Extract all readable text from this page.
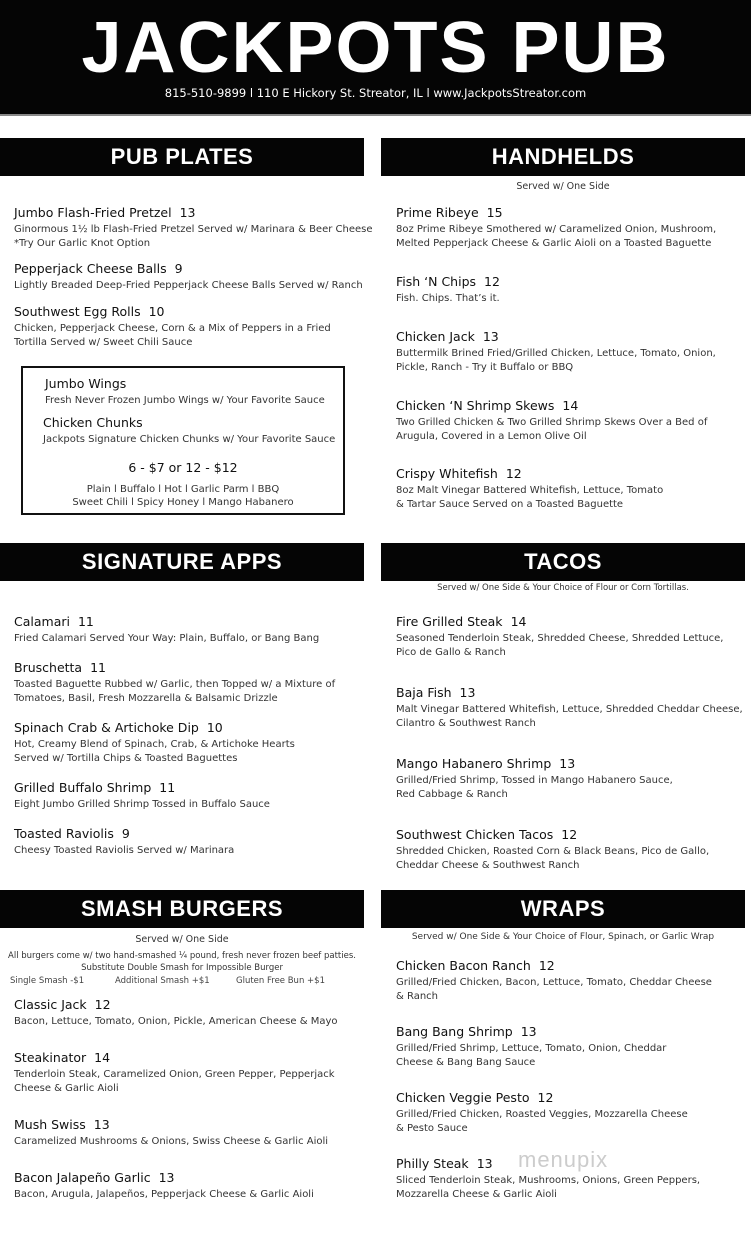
JACKPOTS PUB
815-510-9899 l 110 E Hickory St. Streator, IL l www.JackpotsStreator.com
PUB PLATES
Jumbo Flash-Fried Pretzel 13
Ginormous 1½ lb Flash-Fried Pretzel Served w/ Marinara & Beer Cheese
*Try Our Garlic Knot Option
Pepperjack Cheese Balls 9
Lightly Breaded Deep-Fried Pepperjack Cheese Balls Served w/ Ranch
Southwest Egg Rolls 10
Chicken, Pepperjack Cheese, Corn & a Mix of Peppers in a Fried
Tortilla Served w/ Sweet Chili Sauce
Jumbo Wings
Fresh Never Frozen Jumbo Wings w/ Your Favorite Sauce
Chicken Chunks
Jackpots Signature Chicken Chunks w/ Your Favorite Sauce
6 - $7 or 12 - $12
Plain l Buffalo l Hot l Garlic Parm l BBQ
Sweet Chili l Spicy Honey l Mango Habanero
HANDHELDS
Served w/ One Side
Prime Ribeye 15
8oz Prime Ribeye Smothered w/ Caramelized Onion, Mushroom,
Melted Pepperjack Cheese & Garlic Aioli on a Toasted Baguette
Fish ‘N Chips 12
Fish. Chips. That’s it.
Chicken Jack 13
Buttermilk Brined Fried/Grilled Chicken, Lettuce, Tomato, Onion,
Pickle, Ranch - Try it Buffalo or BBQ
Chicken ‘N Shrimp Skews 14
Two Grilled Chicken & Two Grilled Shrimp Skews Over a Bed of
Arugula, Covered in a Lemon Olive Oil
Crispy Whitefish 12
8oz Malt Vinegar Battered Whitefish, Lettuce, Tomato
& Tartar Sauce Served on a Toasted Baguette
SIGNATURE APPS
Calamari 11
Fried Calamari Served Your Way: Plain, Buffalo, or Bang Bang
Bruschetta 11
Toasted Baguette Rubbed w/ Garlic, then Topped w/ a Mixture of
Tomatoes, Basil, Fresh Mozzarella & Balsamic Drizzle
Spinach Crab & Artichoke Dip 10
Hot, Creamy Blend of Spinach, Crab, & Artichoke Hearts
Served w/ Tortilla Chips & Toasted Baguettes
Grilled Buffalo Shrimp 11
Eight Jumbo Grilled Shrimp Tossed in Buffalo Sauce
Toasted Raviolis 9
Cheesy Toasted Raviolis Served w/ Marinara
TACOS
Served w/ One Side & Your Choice of Flour or Corn Tortillas.
Fire Grilled Steak 14
Seasoned Tenderloin Steak, Shredded Cheese, Shredded Lettuce,
Pico de Gallo & Ranch
Baja Fish 13
Malt Vinegar Battered Whitefish, Lettuce, Shredded Cheddar Cheese,
Cilantro & Southwest Ranch
Mango Habanero Shrimp 13
Grilled/Fried Shrimp, Tossed in Mango Habanero Sauce,
Red Cabbage & Ranch
Southwest Chicken Tacos 12
Shredded Chicken, Roasted Corn & Black Beans, Pico de Gallo,
Cheddar Cheese & Southwest Ranch
SMASH BURGERS
Served w/ One Side
All burgers come w/ two hand-smashed ¼ pound, fresh never frozen beef patties.
Substitute Double Smash for Impossible Burger
Single Smash -$1	Additional Smash +$1	Gluten Free Bun +$1
Classic Jack 12
Bacon, Lettuce, Tomato, Onion, Pickle, American Cheese & Mayo
Steakinator 14
Tenderloin Steak, Caramelized Onion, Green Pepper, Pepperjack
Cheese & Garlic Aioli
Mush Swiss 13
Caramelized Mushrooms & Onions, Swiss Cheese & Garlic Aioli
Bacon Jalapeño Garlic 13
Bacon, Arugula, Jalapeños, Pepperjack Cheese & Garlic Aioli
WRAPS
Served w/ One Side & Your Choice of Flour, Spinach, or Garlic Wrap
Chicken Bacon Ranch 12
Grilled/Fried Chicken, Bacon, Lettuce, Tomato, Cheddar Cheese
& Ranch
Bang Bang Shrimp 13
Grilled/Fried Shrimp, Lettuce, Tomato, Onion, Cheddar
Cheese & Bang Bang Sauce
Chicken Veggie Pesto 12
Grilled/Fried Chicken, Roasted Veggies, Mozzarella Cheese
& Pesto Sauce
Philly Steak 13
Sliced Tenderloin Steak, Mushrooms, Onions, Green Peppers,
Mozzarella Cheese & Garlic Aioli
menupix
